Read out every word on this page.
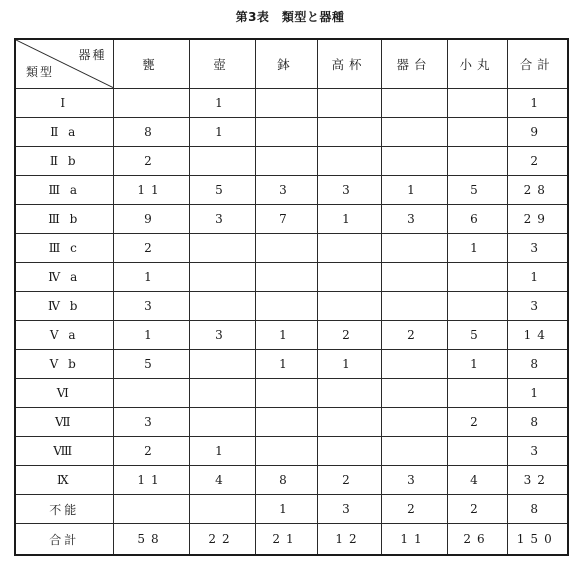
第3表　類型と器種
器種
類型	甕	壺	鉢	高杯	器台	小丸	合計
Ⅰ		1					1
Ⅱ a	8	1					9
Ⅱ b	2						2
Ⅲ a	11	5	3	3	1	5	28
Ⅲ b	9	3	7	1	3	6	29
Ⅲ c	2					1	3
Ⅳ a	1						1
Ⅳ b	3						3
Ⅴ a	1	3	1	2	2	5	14
Ⅴ b	5		1	1		1	8
Ⅵ							1
Ⅶ	3					2	8
Ⅷ	2	1					3
Ⅸ	11	4	8	2	3	4	32
不能			1	3	2	2	8
合計	58	22	21	12	11	26	150
